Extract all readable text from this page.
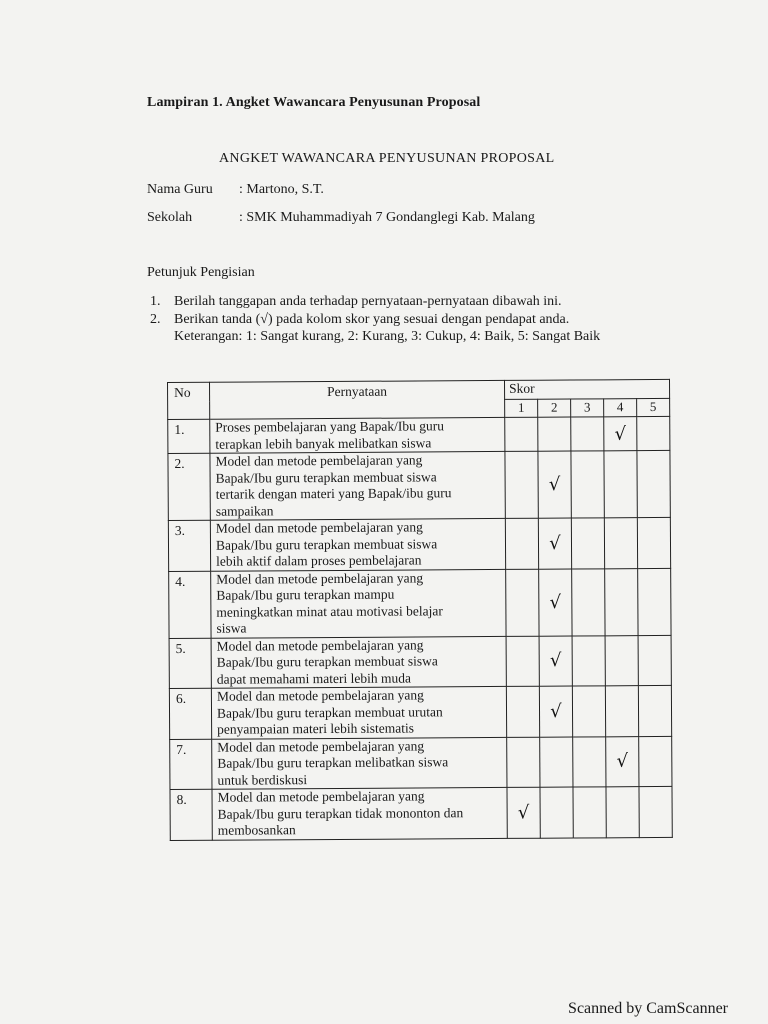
Lampiran 1. Angket Wawancara Penyusunan Proposal
ANGKET WAWANCARA PENYUSUNAN PROPOSAL
Nama Guru : Martono, S.T.
Sekolah	: SMK Muhammadiyah 7 Gondanglegi Kab. Malang
Petunjuk Pengisian
1. Berilah tanggapan anda terhadap pernyataan-pernyataan dibawah ini.
2. Berikan tanda (√) pada kolom skor yang sesuai dengan pendapat anda.
Keterangan: 1: Sangat kurang, 2: Kurang, 3: Cukup, 4: Baik, 5: Sangat Baik
No	Pernyataan	Skor				
		1	2	3	4	5
1.	Proses pembelajaran yang Bapak/Ibu guru
terapkan lebih banyak melibatkan siswa				√	

2.	Model dan metode pembelajaran yang
Bapak/Ibu guru terapkan membuat siswa
tertarik dengan materi yang Bapak/ibu guru
sampaikan		√			

3.	Model dan metode pembelajaran yang
Bapak/Ibu guru terapkan membuat siswa
lebih aktif dalam proses pembelajaran		√			

4.	Model dan metode pembelajaran yang
Bapak/Ibu guru terapkan mampu
meningkatkan minat atau motivasi belajar
siswa		√			

5.	Model dan metode pembelajaran yang
Bapak/Ibu guru terapkan membuat siswa
dapat memahami materi lebih muda		√			

6.	Model dan metode pembelajaran yang
Bapak/Ibu guru terapkan membuat urutan
penyampaian materi lebih sistematis		√			

7.	Model dan metode pembelajaran yang
Bapak/Ibu guru terapkan melibatkan siswa
untuk berdiskusi				√	

8.	Model dan metode pembelajaran yang
Bapak/Ibu guru terapkan tidak mononton dan
membosankan	√				

Scanned by CamScanner
